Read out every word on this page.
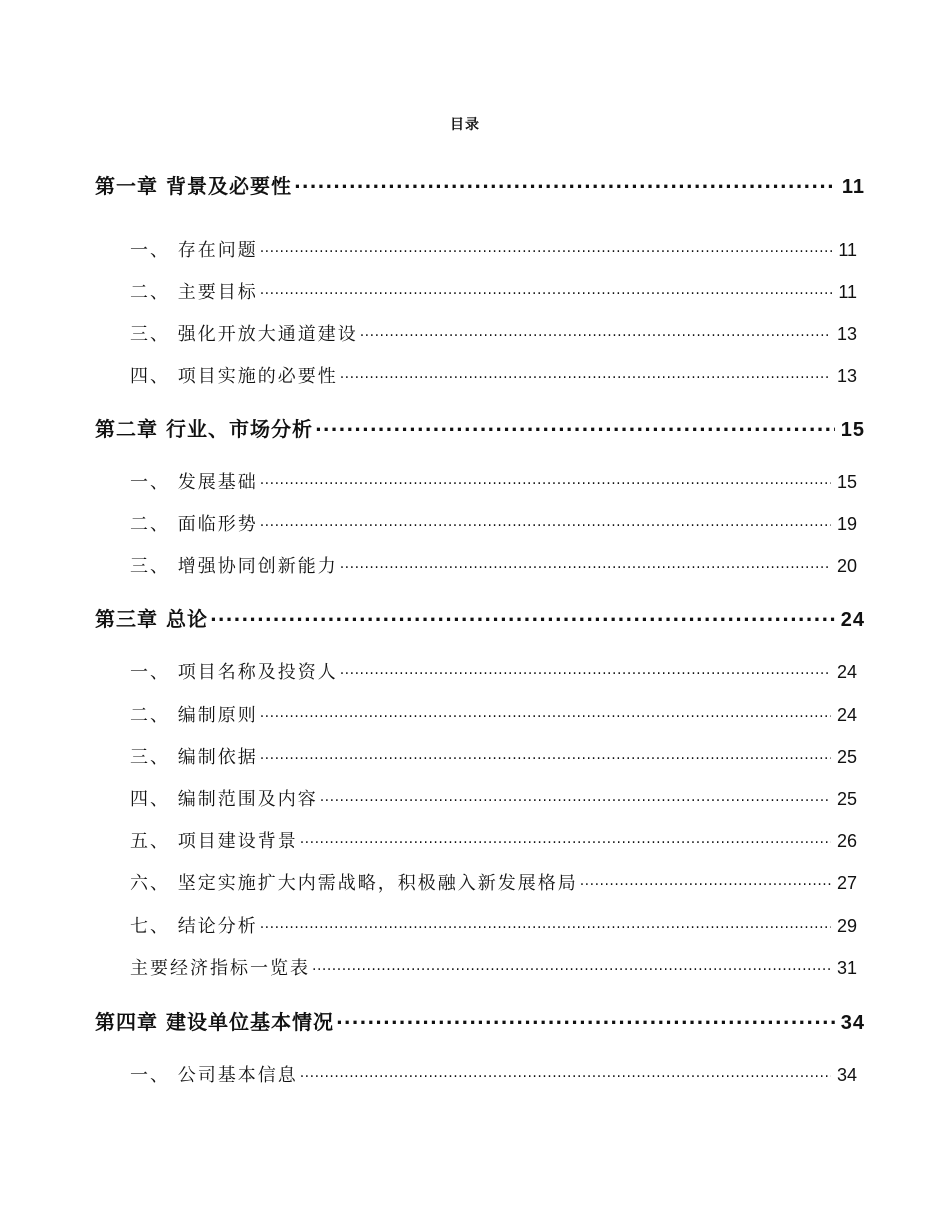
目录
第一章 背景及必要性 .....	11
一、 存在问题 .....	11
二、 主要目标 .....	11
三、 强化开放大通道建设 .....	13
四、 项目实施的必要性 .....	13
第二章 行业、市场分析 .....	15
一、 发展基础 .....	15
二、 面临形势 .....	19
三、 增强协同创新能力 .....	20
第三章 总论 .....	24
一、 项目名称及投资人 .....	24
二、 编制原则 .....	24
三、 编制依据 .....	25
四、 编制范围及内容 .....	25
五、 项目建设背景 .....	26
六、 坚定实施扩大内需战略，积极融入新发展格局 .....	27
七、 结论分析 .....	29
主要经济指标一览表 .....	31
第四章 建设单位基本情况 .....	34
一、 公司基本信息 .....	34
